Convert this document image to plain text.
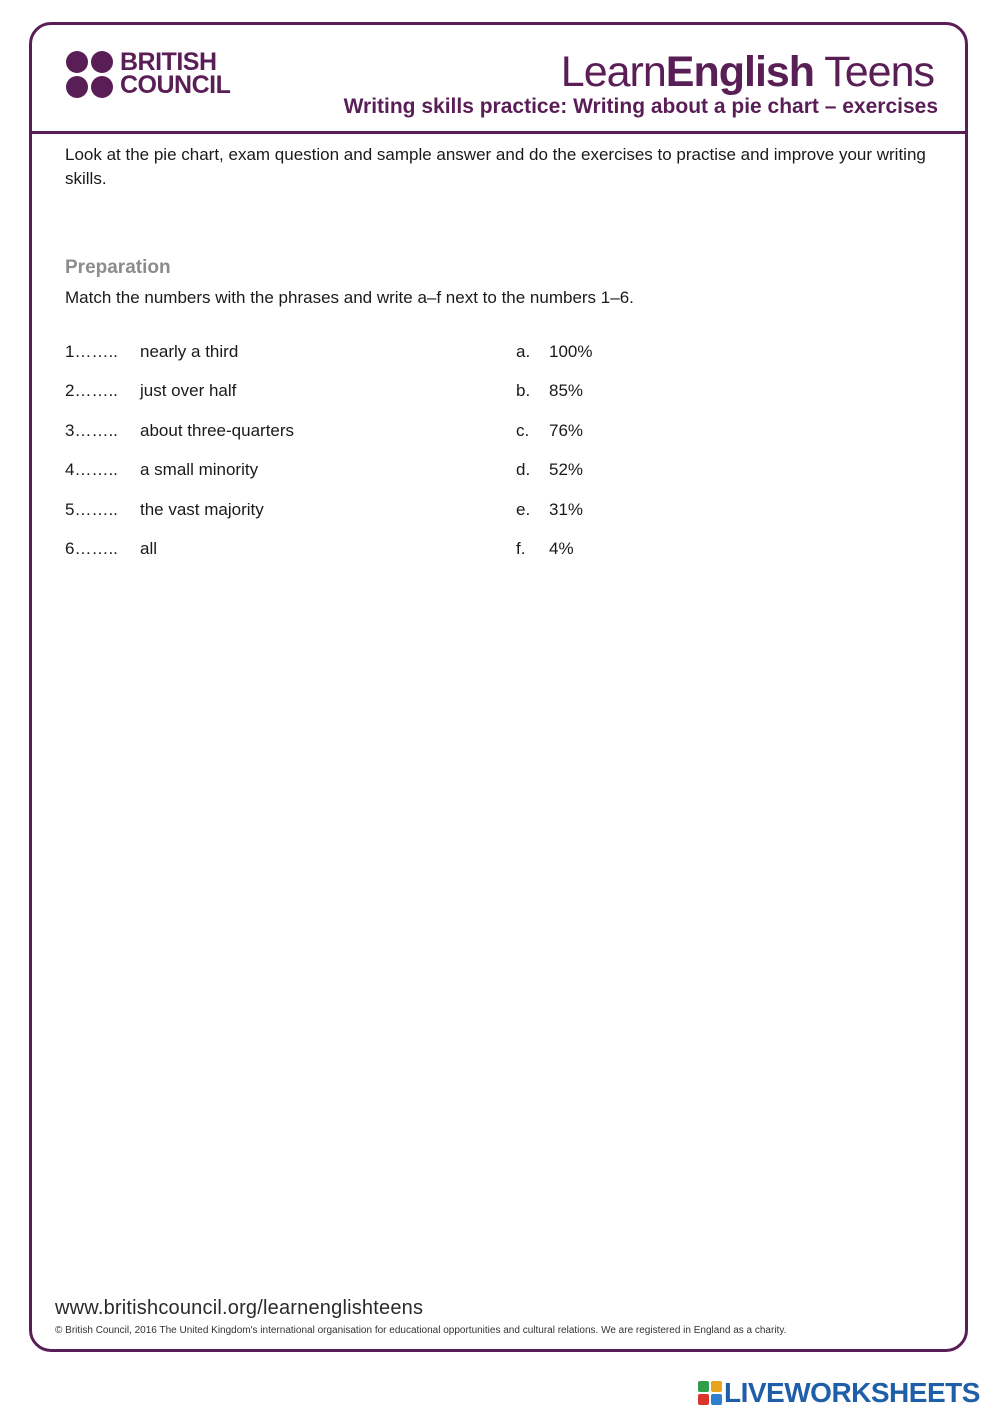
BRITISH
COUNCIL	LearnEnglish Teens
Writing skills practice: Writing about a pie chart – exercises
Look at the pie chart, exam question and sample answer and do the exercises to practise and improve your writing skills.
Preparation
Match the numbers with the phrases and write a–f next to the numbers 1–6.
1…….. nearly a third	a. 100%
2…….. just over half	b. 85%
3…….. about three-quarters	c. 76%
4…….. a small minority	d. 52%
5…….. the vast majority	e. 31%
6…….. all	f. 4%
www.britishcouncil.org/learnenglishteens
© British Council, 2016 The United Kingdom's international organisation for educational opportunities and cultural relations. We are registered in England as a charity.
LIVEWORKSHEETS
